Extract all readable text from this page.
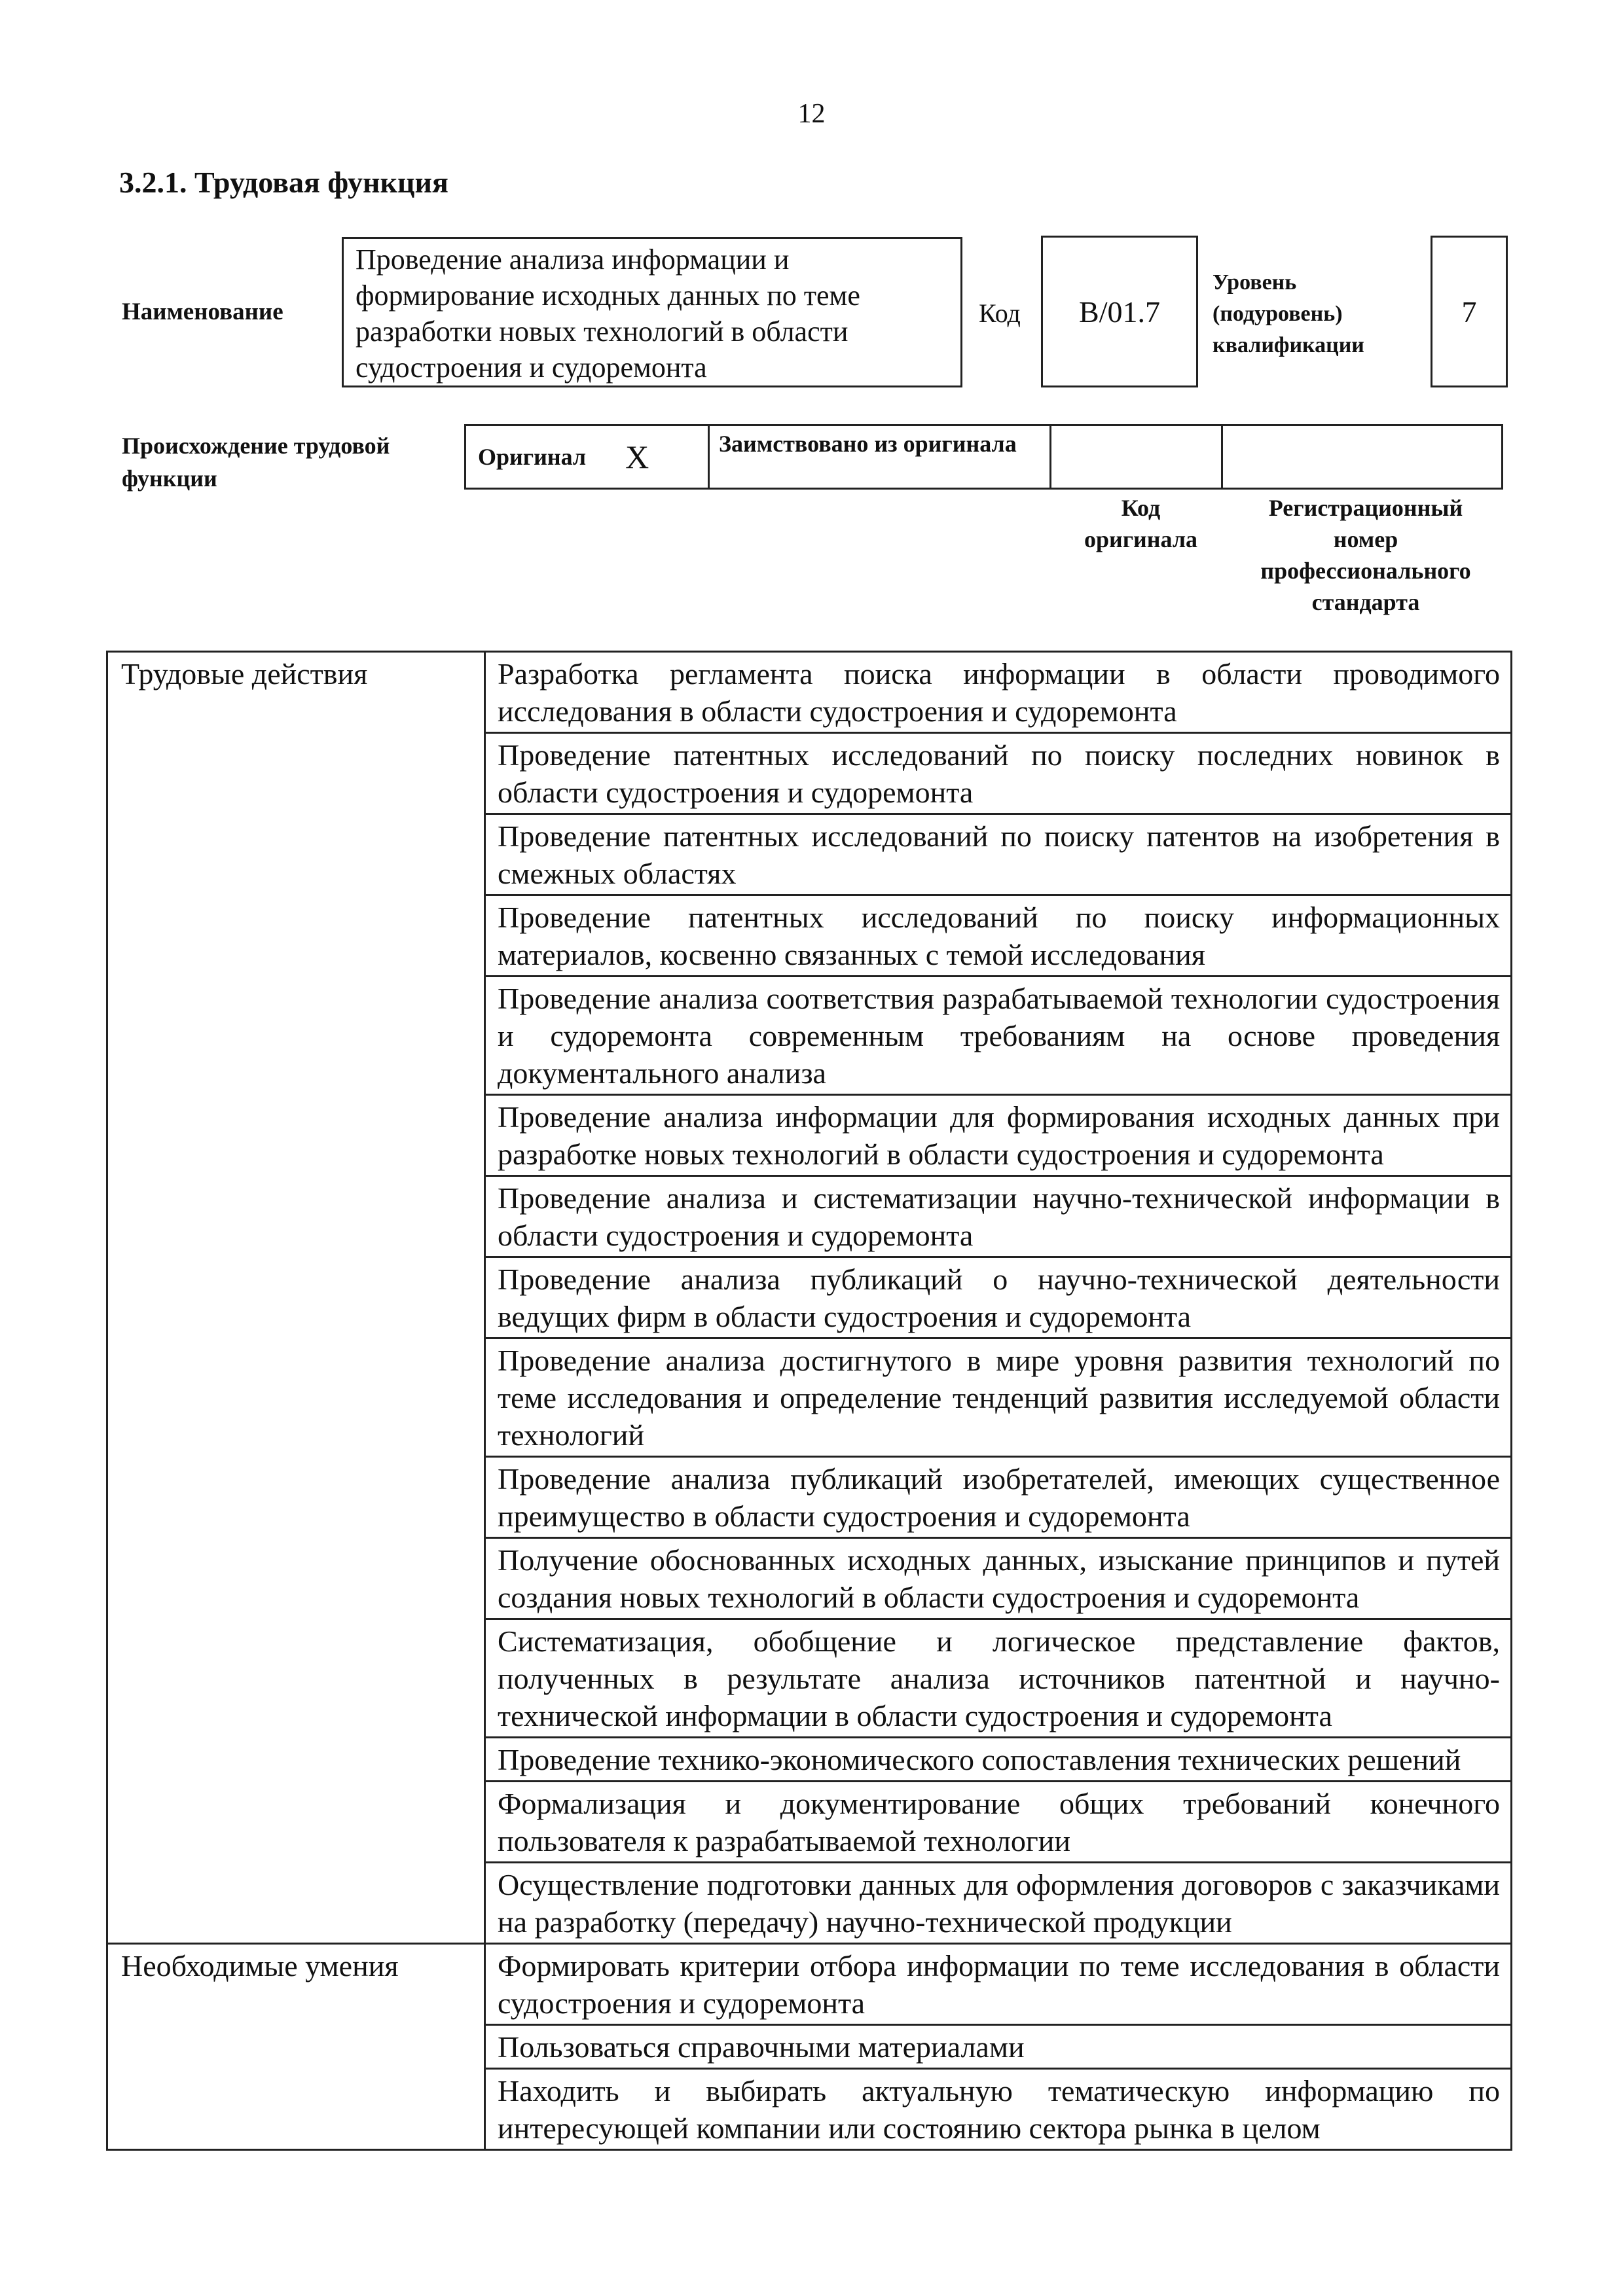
12
3.2.1. Трудовая функция
Наименование
Проведение анализа информации и формирование исходных данных по теме разработки новых технологий в области судостроения и судоремонта
Код	B/01.7
Уровень
(подуровень)
квалификации
7
Происхождение трудовой
функции
Оригинал X	Заимствовано из оригинала
Код
оригинала
Регистрационный
номер
профессионального
стандарта
Трудовые действия	Разработка регламента поиска информации в области проводимого исследования в области судостроения и судоремонта
	Проведение патентных исследований по поиску последних новинок в области судостроения и судоремонта
	Проведение патентных исследований по поиску патентов на изобретения в смежных областях
	Проведение патентных исследований по поиску информационных материалов, косвенно связанных с темой исследования
	Проведение анализа соответствия разрабатываемой технологии судостроения и судоремонта современным требованиям на основе проведения документального анализа
	Проведение анализа информации для формирования исходных данных при разработке новых технологий в области судостроения и судоремонта
	Проведение анализа и систематизации научно-технической информации в области судостроения и судоремонта
	Проведение анализа публикаций о научно-технической деятельности ведущих фирм в области судостроения и судоремонта
	Проведение анализа достигнутого в мире уровня развития технологий по теме исследования и определение тенденций развития исследуемой области технологий
	Проведение анализа публикаций изобретателей, имеющих существенное преимущество в области судостроения и судоремонта
	Получение обоснованных исходных данных, изыскание принципов и путей создания новых технологий в области судостроения и судоремонта
	Систематизация, обобщение и логическое представление фактов, полученных в результате анализа источников патентной и научно-технической информации в области судостроения и судоремонта
	Проведение технико-экономического сопоставления технических решений
	Формализация и документирование общих требований конечного пользователя к разрабатываемой технологии
	Осуществление подготовки данных для оформления договоров с заказчиками на разработку (передачу) научно-технической продукции
Необходимые умения	Формировать критерии отбора информации по теме исследования в области судостроения и судоремонта
	Пользоваться справочными материалами
	Находить и выбирать актуальную тематическую информацию по интересующей компании или состоянию сектора рынка в целом
